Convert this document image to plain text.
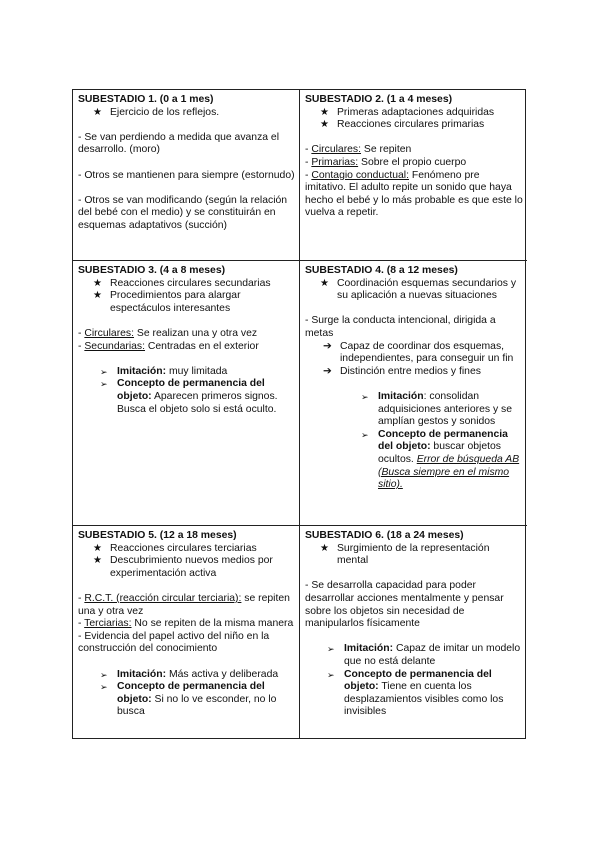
SUBESTADIO 1. (0 a 1 mes)
★ Ejercicio de los reflejos.
- Se van perdiendo a medida que avanza el desarrollo. (moro)
- Otros se mantienen para siempre (estornudo)
- Otros se van modificando (según la relación del bebé con el medio) y se constituirán en esquemas adaptativos (succión)
SUBESTADIO 2. (1 a 4 meses)
★ Primeras adaptaciones adquiridas
★ Reacciones circulares primarias
- Circulares: Se repiten
- Primarias: Sobre el propio cuerpo
- Contagio conductual: Fenómeno pre imitativo. El adulto repite un sonido que haya hecho el bebé y lo más probable es que este lo vuelva a repetir.
SUBESTADIO 3. (4 a 8 meses)
★ Reacciones circulares secundarias
★ Procedimientos para alargar espectáculos interesantes
- Circulares: Se realizan una y otra vez
- Secundarias: Centradas en el exterior
➢ Imitación: muy limitada
➢ Concepto de permanencia del objeto: Aparecen primeros signos. Busca el objeto solo si está oculto.
SUBESTADIO 4. (8 a 12 meses)
★ Coordinación esquemas secundarios y su aplicación a nuevas situaciones
- Surge la conducta intencional, dirigida a metas
➔ Capaz de coordinar dos esquemas, independientes, para conseguir un fin
➔ Distinción entre medios y fines
➢ Imitación: consolidan adquisiciones anteriores y se amplían gestos y sonidos
➢ Concepto de permanencia del objeto: buscar objetos ocultos. Error de búsqueda AB (Busca siempre en el mismo sitio).
SUBESTADIO 5. (12 a 18 meses)
★ Reacciones circulares terciarias
★ Descubrimiento nuevos medios por experimentación activa
- R.C.T. (reacción circular terciaria): se repiten una y otra vez
- Terciarias: No se repiten de la misma manera
- Evidencia del papel activo del niño en la construcción del conocimiento
➢ Imitación: Más activa y deliberada
➢ Concepto de permanencia del objeto: Si no lo ve esconder, no lo busca
SUBESTADIO 6. (18 a 24 meses)
★ Surgimiento de la representación mental
- Se desarrolla capacidad para poder desarrollar acciones mentalmente y pensar sobre los objetos sin necesidad de manipularlos físicamente
➢ Imitación: Capaz de imitar un modelo que no está delante
➢ Concepto de permanencia del objeto: Tiene en cuenta los desplazamientos visibles como los invisibles
